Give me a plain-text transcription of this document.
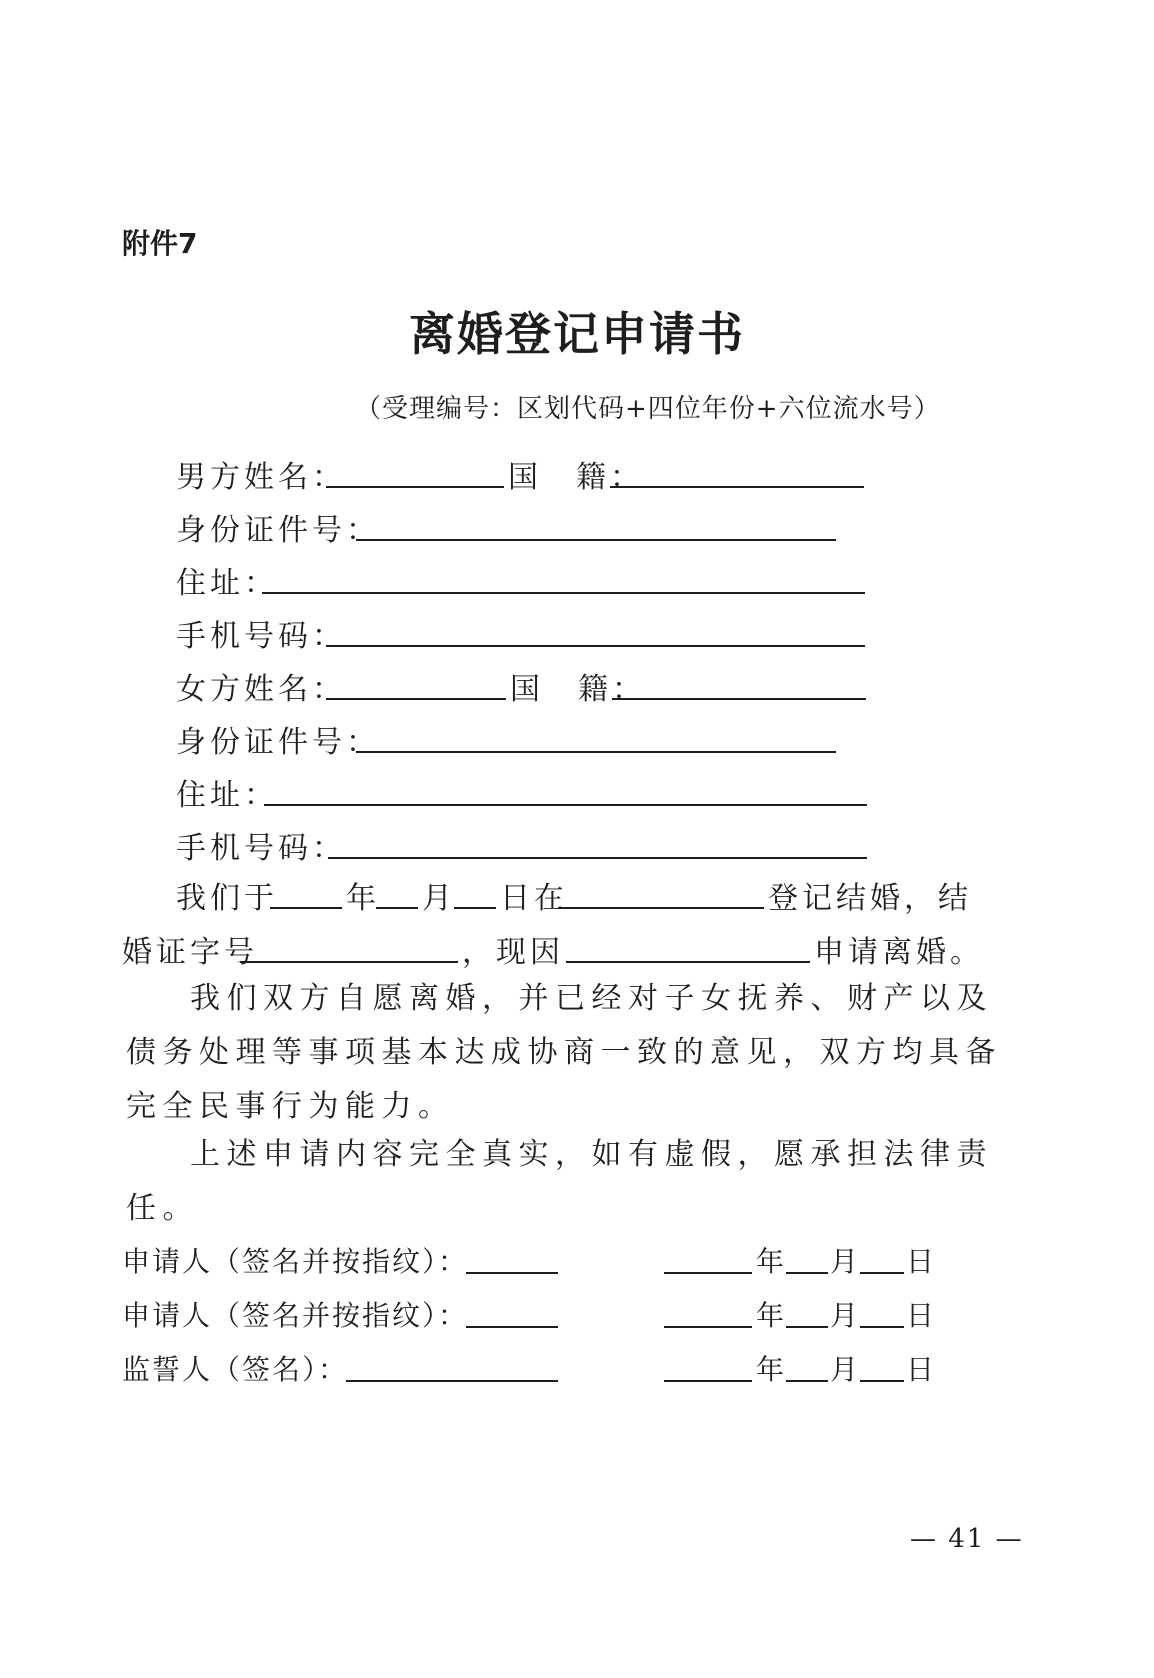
附件7
离婚登记申请书
（受理编号：区划代码+四位年份+六位流水号）
男方姓名：	国　籍：
身份证件号：
住址：
手机号码：
女方姓名：	国　籍：
身份证件号：
住址：
手机号码：
我们于 年 月 日在	登记结婚，结
婚证字号	，现因	申请离婚。
我们双方自愿离婚，并已经对子女抚养、财产以及债务处理等事项基本达成协商一致的意见，双方均具备完全民事行为能力。
上述申请内容完全真实，如有虚假，愿承担法律责任。
申请人（签名并按指纹）：	年 月 日
申请人（签名并按指纹）：	年 月 日
监誓人（签名）：	年 月 日
— 41 —
